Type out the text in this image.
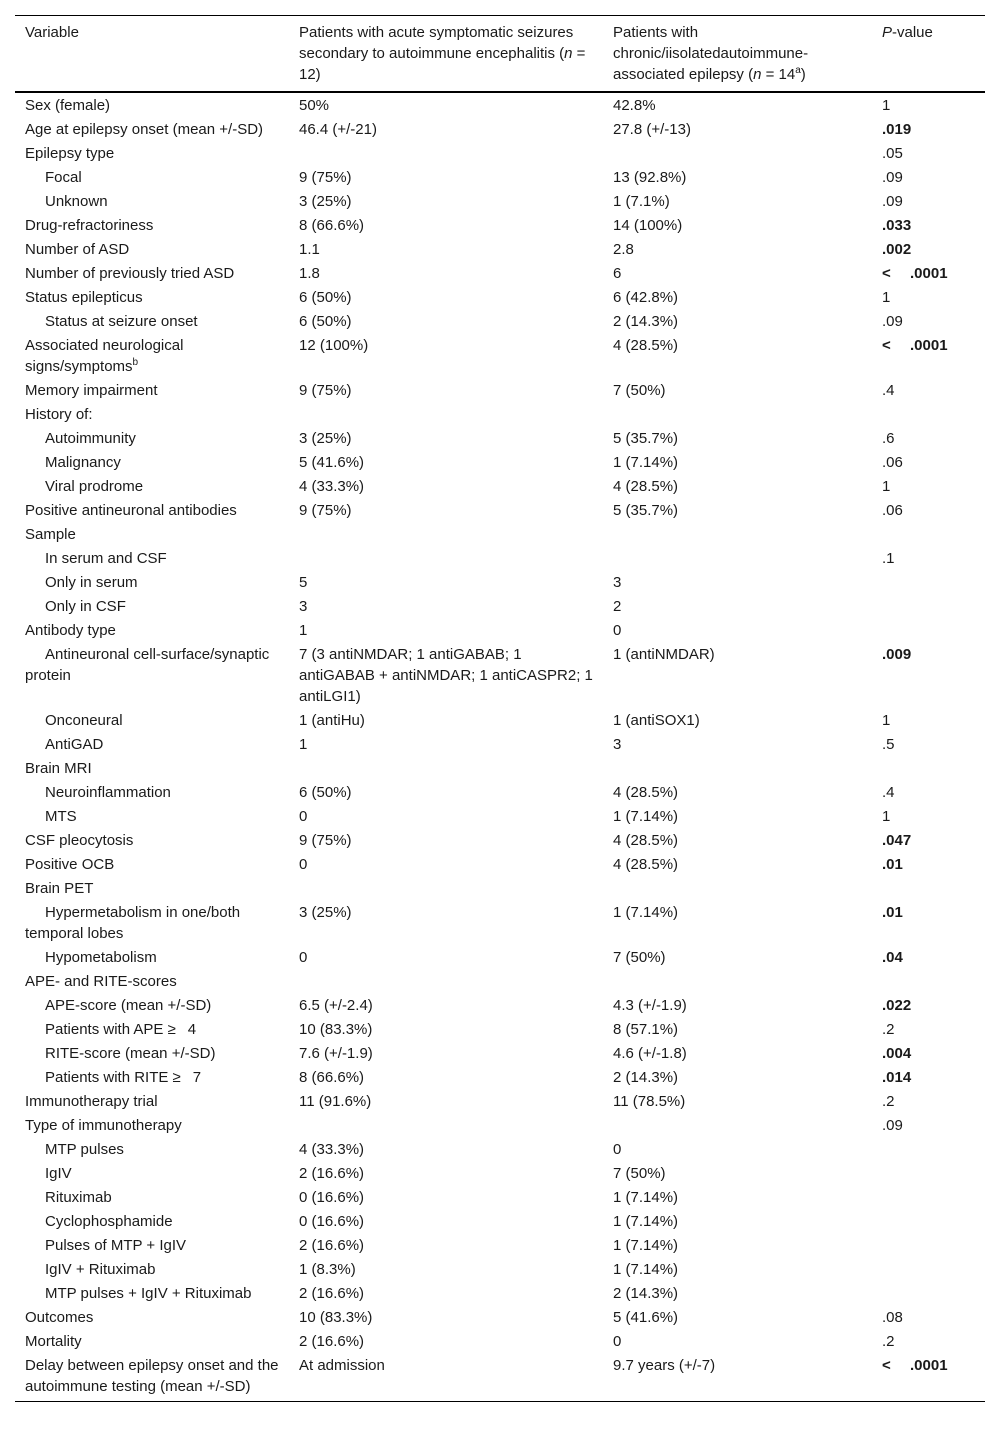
Variable	Patients with acute symptomatic seizures secondary to autoimmune encephalitis (n = 12)	Patients with chronic/iisolatedautoimmune-associated epilepsy $(n = 14^a)$	P-value
Sex (female)	50%	42.8%	1
Age at epilepsy onset (mean +/-SD)	46.4 (+/-21)	27.8 (+/-13)	.019
Epilepsy type			.05
Focal	9 (75%)	13 (92.8%)	.09
Unknown	3 (25%)	1 (7.1%)	.09
Drug-refractoriness	8 (66.6%)	14 (100%)	.033
Number of ASD	1.1	2.8	.002
Number of previously tried ASD	1.8	6	< .0001
Status epilepticus	6 (50%)	6 (42.8%)	1
Status at seizure onset	6 (50%)	2 (14.3%)	.09
Associated neurological signs/symptoms$^b$	12 (100%)	4 (28.5%)	< .0001
Memory impairment	9 (75%)	7 (50%)	.4
History of:			
Autoimmunity	3 (25%)	5 (35.7%)	.6
Malignancy	5 (41.6%)	1 (7.14%)	.06
Viral prodrome	4 (33.3%)	4 (28.5%)	1
Positive antineuronal antibodies	9 (75%)	5 (35.7%)	.06
Sample			
In serum and CSF			.1
Only in serum	5	3	
Only in CSF	3	2	
Antibody type	1	0	
Antineuronal cell-surface/synaptic protein	7 (3 antiNMDAR; 1 antiGABAB; 1 antiGABAB + antiNMDAR; 1 antiCASPR2; 1 antiLGI1)	1 (antiNMDAR)	.009
Onconeural	1 (antiHu)	1 (antiSOX1)	1
AntiGAD	1	3	.5
Brain MRI			
Neuroinflammation	6 (50%)	4 (28.5%)	.4
MTS	0	1 (7.14%)	1
CSF pleocytosis	9 (75%)	4 (28.5%)	.047
Positive OCB	0	4 (28.5%)	.01
Brain PET			
Hypermetabolism in one/both temporal lobes	3 (25%)	1 (7.14%)	.01
Hypometabolism	0	7 (50%)	.04
APE- and RITE-scores			
APE-score (mean +/-SD)	6.5 (+/-2.4)	4.3 (+/-1.9)	.022
Patients with APE ≥ 4	10 (83.3%)	8 (57.1%)	.2
RITE-score (mean +/-SD)	7.6 (+/-1.9)	4.6 (+/-1.8)	.004
Patients with RITE ≥ 7	8 (66.6%)	2 (14.3%)	.014
Immunotherapy trial	11 (91.6%)	11 (78.5%)	.2
Type of immunotherapy			.09
MTP pulses	4 (33.3%)	0	
IgIV	2 (16.6%)	7 (50%)	
Rituximab	0 (16.6%)	1 (7.14%)	
Cyclophosphamide	0 (16.6%)	1 (7.14%)	
Pulses of MTP + IgIV	2 (16.6%)	1 (7.14%)	
IgIV + Rituximab	1 (8.3%)	1 (7.14%)	
MTP pulses + IgIV + Rituximab	2 (16.6%)	2 (14.3%)	
Outcomes	10 (83.3%)	5 (41.6%)	.08
Mortality	2 (16.6%)	0	.2
Delay between epilepsy onset and the autoimmune testing (mean +/-SD)	At admission	9.7 years (+/-7)	< .0001
